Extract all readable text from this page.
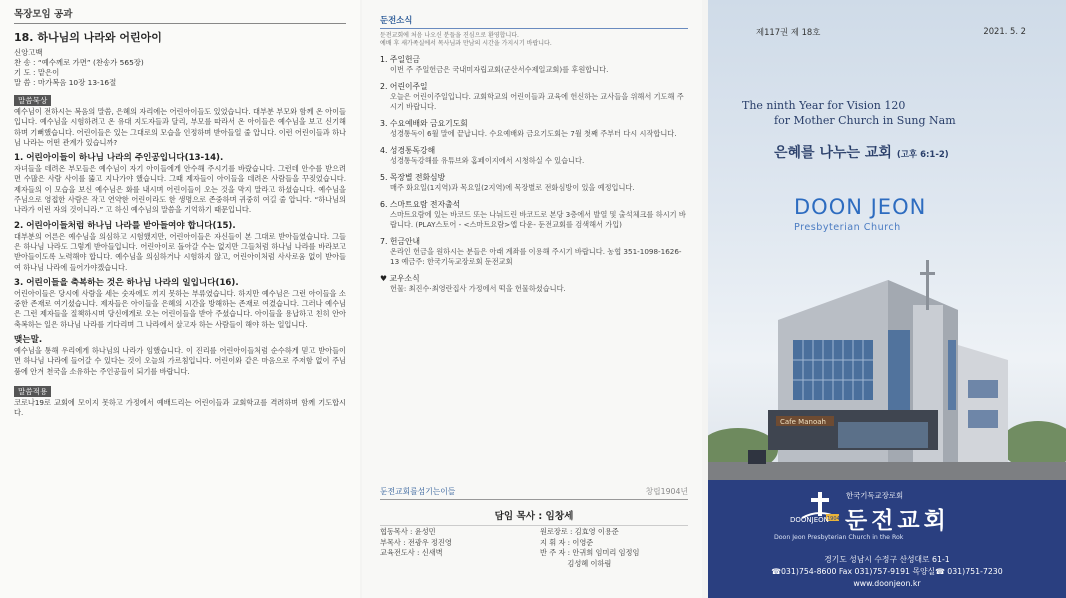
목장모임 공과
18. 하나님의 나라와 어린아이
신앙고백
찬 송 : “예수께로 가면” (찬송가 565장)
기 도 : 맡은이
말 씀 : 마가복음 10장 13-16절
말씀묵상

예수님이 전하시는 복음의 말씀, 은혜의 자리에는 어린아이들도 있었습니다. 대부분 부모와 함께 온 아이들입니다. 예수님을 시험하려고 온 유대 지도자들과 달리, 부모를 따라서 온 아이들은 예수님을 보고 신기해하며 기뻐했습니다. 어린이들은 있는 그대로의 모습을 인정하며 받아들일 줄 압니다. 이런 어린이들과 하나님 나라는 어떤 관계가 있습니까?

1. 어린아이들이 하나님 나라의 주인공입니다(13-14).

자녀들을 데려온 부모들은 예수님이 자기 아이들에게 안수해 주시기를 바랐습니다. 그런데 안수를 받으려면 수많은 사람 사이를 뚫고 지나가야 했습니다. 그때 제자들이 아이들을 데려온 사람들을 꾸짖었습니다. 제자들의 이 모습을 보신 예수님은 화를 내시며 어린이들이 오는 것을 막지 말라고 하셨습니다. 예수님을 주님으로 영접한 사람은 작고 연약한 어린이라도 한 생명으로 존중하며 귀중히 여길 줄 압니다. “하나님의 나라가 이런 자의 것이니라.” 고 하신 예수님의 말씀을 기억하기 때문입니다.

2. 어린아이들처럼 하나님 나라를 받아들여야 합니다(15).

대부분의 어른은 예수님을 의심하고 시험했지만, 어린아이들은 자신들이 본 그대로 받아들였습니다. 그들은 하나님 나라도 그렇게 받아들입니다. 어린아이로 돌아갈 수는 없지만 그들처럼 하나님 나라를 바라보고 받아들이도록 노력해야 합니다. 예수님을 의심하거나 시험하지 않고, 어린아이처럼 사사로움 없이 받아들여 하나님 나라에 들어가야겠습니다.

3. 어린이들을 축복하는 것은 하나님 나라의 일입니다(16).

어린아이들은 당시에 사람을 세는 숫자에도 끼지 못하는 부류였습니다. 하지만 예수님은 그런 아이들을 소중한 존재로 여기셨습니다. 제자들은 아이들을 은혜의 시간을 방해하는 존재로 여겼습니다. 그러나 예수님은 그런 제자들을 질책하시며 당신에게로 오는 어린이들을 받아 주셨습니다. 아이들을 용납하고 친히 안아 축복하는 일은 하나님 나라를 기다리며 그 나라에서 살고자 하는 사람들이 해야 하는 일입니다.

맺는말.

예수님을 통해 우리에게 하나님의 나라가 임했습니다. 이 진리를 어린아이들처럼 순수하게 믿고 받아들이면 하나님 나라에 들어갈 수 있다는 것이 오늘의 가르침입니다. 어린이와 같은 마음으로 주저함 없이 주님 품에 안겨 천국을 소유하는 주인공들이 되기를 바랍니다.

말씀적용

코로나19로 교회에 모이지 못하고 가정에서 예배드리는 어린이들과 교회학교를 격려하며 함께 기도합시다.

둔전소식
둔전교회에 처음 나오신 분들을 진심으로 환영합니다.
예배 후 새가족실에서 목사님과 만남의 시간을 가지시기 바랍니다.
1. 주일헌금
이번 주 주일헌금은 국내미자립교회(군산서수제일교회)를 후원합니다.
2. 어린이주일
오늘은 어린이주일입니다. 교회학교의 어린이들과 교육에 헌신하는 교사들을 위해서 기도해 주시기 바랍니다.
3. 수요예배와 금요기도회
성경통독이 6월 말에 끝납니다. 수요예배와 금요기도회는 7월 첫째 주부터 다시 시작합니다.
4. 성경통독강해
성경통독강해를 유튜브와 홈페이지에서 시청하실 수 있습니다.
5. 목장별 전화심방
매주 화요일(1지역)과 목요일(2지역)에 목장별로 전화심방이 있을 예정입니다.
6. 스마트요람 전자출석
스마트요람에 있는 바코드 또는 나눠드린 바코드로 본당 3층에서 발열 및 출석체크를 하시기 바랍니다. (PLAY스토어 - <스마트요람>앱 다운- 둔전교회를 검색해서 가입)
7. 헌금안내
온라인 헌금을 원하시는 분들은 아래 계좌를 이용해 주시기 바랍니다. 농협 351-1098-1626-13 예금주: 한국기독교장로회 둔전교회
♥ 교우소식
헌물: 최진수·최영란집사 가정에서 떡을 헌물하셨습니다.
둔전교회를섬기는이들	창립1904년
담임 목사 : 임창세
협동목사 : 윤성민
부목사 : 전광우 정진영
교육전도사 : 신새벽
원로장로 : 김효영 이용준
지 휘 자 : 이영준
반 주 자 : 안귀희 임미리 임정임
김성혜 이하림
제117권 제 18호	2021. 5. 2
The ninth Year for Vision 120
for Mother Church in Sung Nam
은혜를 나누는 교회 (고후 6:1-2)
DOON JEON
Presbyterian Church
Cafe Manoah
1904
DOONJEON
한국기독교장로회
둔전교회
Doon Jeon Presbyterian Church in the Rok
경기도 성남시 수정구 산성대로 61-1
☎031)754-8600 Fax 031)757-9191 목양실☎ 031)751-7230
www.doonjeon.kr
